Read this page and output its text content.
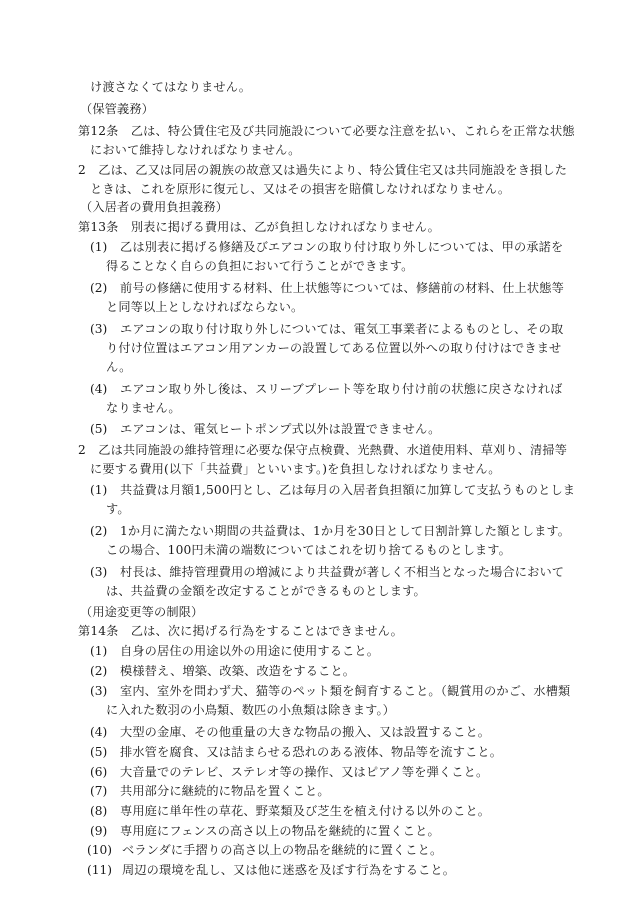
け渡さなくてはなりません。
（保管義務）
第12条　乙は、特公賃住宅及び共同施設について必要な注意を払い、これらを正常な状態
において維持しなければなりません。
2　乙は、乙又は同居の親族の故意又は過失により、特公賃住宅又は共同施設をき損した
ときは、これを原形に復元し、又はその損害を賠償しなければなりません。
（入居者の費用負担義務）
第13条　別表に掲げる費用は、乙が負担しなければなりません。
(1) 乙は別表に掲げる修繕及びエアコンの取り付け取り外しについては、甲の承諾を
得ることなく自らの負担において行うことができます。
(2) 前号の修繕に使用する材料、仕上状態等については、修繕前の材料、仕上状態等
と同等以上としなければならない。
(3) エアコンの取り付け取り外しについては、電気工事業者によるものとし、その取
り付け位置はエアコン用アンカーの設置してある位置以外への取り付けはできませ
ん。
(4) エアコン取り外し後は、スリーブプレート等を取り付け前の状態に戻さなければ
なりません。
(5) エアコンは、電気ヒートポンプ式以外は設置できません。
2　乙は共同施設の維持管理に必要な保守点検費、光熱費、水道使用料、草刈り、清掃等
に要する費用(以下「共益費」といいます。)を負担しなければなりません。
(1) 共益費は月額1,500円とし、乙は毎月の入居者負担額に加算して支払うものとしま
す。
(2) 1か月に満たない期間の共益費は、1か月を30日として日割計算した額とします。
この場合、100円未満の端数についてはこれを切り捨てるものとします。
(3) 村長は、維持管理費用の増減により共益費が著しく不相当となった場合において
は、共益費の金額を改定することができるものとします。
（用途変更等の制限）
第14条　乙は、次に掲げる行為をすることはできません。
(1) 自身の居住の用途以外の用途に使用すること。
(2) 模様替え、増築、改築、改造をすること。
(3) 室内、室外を問わず犬、猫等のペット類を飼育すること。（観賞用のかご、水槽類
に入れた数羽の小鳥類、数匹の小魚類は除きます。）
(4) 大型の金庫、その他重量の大きな物品の搬入、又は設置すること。
(5) 排水管を腐食、又は詰まらせる恐れのある液体、物品等を流すこと。
(6) 大音量でのテレビ、ステレオ等の操作、又はピアノ等を弾くこと。
(7) 共用部分に継続的に物品を置くこと。
(8) 専用庭に単年性の草花、野菜類及び芝生を植え付ける以外のこと。
(9) 専用庭にフェンスの高さ以上の物品を継続的に置くこと。
(10) ベランダに手摺りの高さ以上の物品を継続的に置くこと。
(11) 周辺の環境を乱し、又は他に迷惑を及ぼす行為をすること。
